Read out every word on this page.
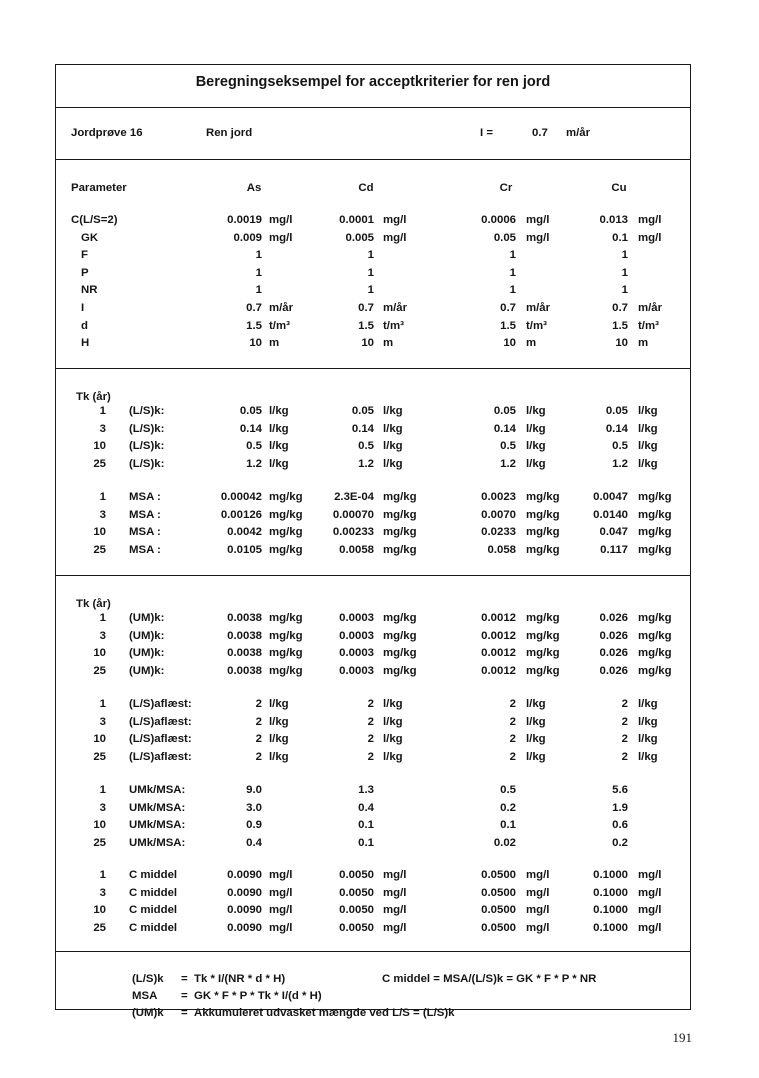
Beregningseksempel for acceptkriterier for ren jord
Jordprøve 16	Ren jord	I =	0.7 m/år
Parameter	As	Cd	Cr	Cu
C(L/S=2)	0.0019 mg/l	0.0001 mg/l	0.0006 mg/l	0.013 mg/l
GK	0.009 mg/l	0.005 mg/l	0.05 mg/l	0.1 mg/l
F	1	1	1	1
P	1	1	1	1
NR	1	1	1	1
I	0.7 m/år	0.7 m/år	0.7 m/år	0.7 m/år
d	1.5 t/m³	1.5 t/m³	1.5 t/m³	1.5 t/m³
H	10 m	10 m	10 m	10 m
Tk (år)
1 (L/S)k:	0.05 l/kg	0.05 l/kg	0.05 l/kg	0.05 l/kg
3 (L/S)k:	0.14 l/kg	0.14 l/kg	0.14 l/kg	0.14 l/kg
10 (L/S)k:	0.5 l/kg	0.5 l/kg	0.5 l/kg	0.5 l/kg
25 (L/S)k:	1.2 l/kg	1.2 l/kg	1.2 l/kg	1.2 l/kg
1 MSA :	0.00042 mg/kg	2.3E-04 mg/kg	0.0023 mg/kg	0.0047 mg/kg
3 MSA :	0.00126 mg/kg	0.00070 mg/kg	0.0070 mg/kg	0.0140 mg/kg
10 MSA :	0.0042 mg/kg	0.00233 mg/kg	0.0233 mg/kg	0.047 mg/kg
25 MSA :	0.0105 mg/kg	0.0058 mg/kg	0.058 mg/kg	0.117 mg/kg
Tk (år)
1 (UM)k:	0.0038 mg/kg	0.0003 mg/kg	0.0012 mg/kg	0.026 mg/kg
3 (UM)k:	0.0038 mg/kg	0.0003 mg/kg	0.0012 mg/kg	0.026 mg/kg
10 (UM)k:	0.0038 mg/kg	0.0003 mg/kg	0.0012 mg/kg	0.026 mg/kg
25 (UM)k:	0.0038 mg/kg	0.0003 mg/kg	0.0012 mg/kg	0.026 mg/kg
1 (L/S)aflæst:	2 l/kg	2 l/kg	2 l/kg	2 l/kg
3 (L/S)aflæst:	2 l/kg	2 l/kg	2 l/kg	2 l/kg
10 (L/S)aflæst:	2 l/kg	2 l/kg	2 l/kg	2 l/kg
25 (L/S)aflæst:	2 l/kg	2 l/kg	2 l/kg	2 l/kg
1 UMk/MSA:	9.0	1.3	0.5	5.6
3 UMk/MSA:	3.0	0.4	0.2	1.9
10 UMk/MSA:	0.9	0.1	0.1	0.6
25 UMk/MSA:	0.4	0.1	0.02	0.2
1 C middel	0.0090 mg/l	0.0050 mg/l	0.0500 mg/l	0.1000 mg/l
3 C middel	0.0090 mg/l	0.0050 mg/l	0.0500 mg/l	0.1000 mg/l
10 C middel	0.0090 mg/l	0.0050 mg/l	0.0500 mg/l	0.1000 mg/l
25 C middel	0.0090 mg/l	0.0050 mg/l	0.0500 mg/l	0.1000 mg/l
(L/S)k = Tk * I/(NR * d * H)
MSA = GK * F * P * Tk * I/(d * H)
(UM)k = Akkumuleret udvasket mængde ved L/S = (L/S)k
C middel = MSA/(L/S)k = GK * F * P * NR
191
